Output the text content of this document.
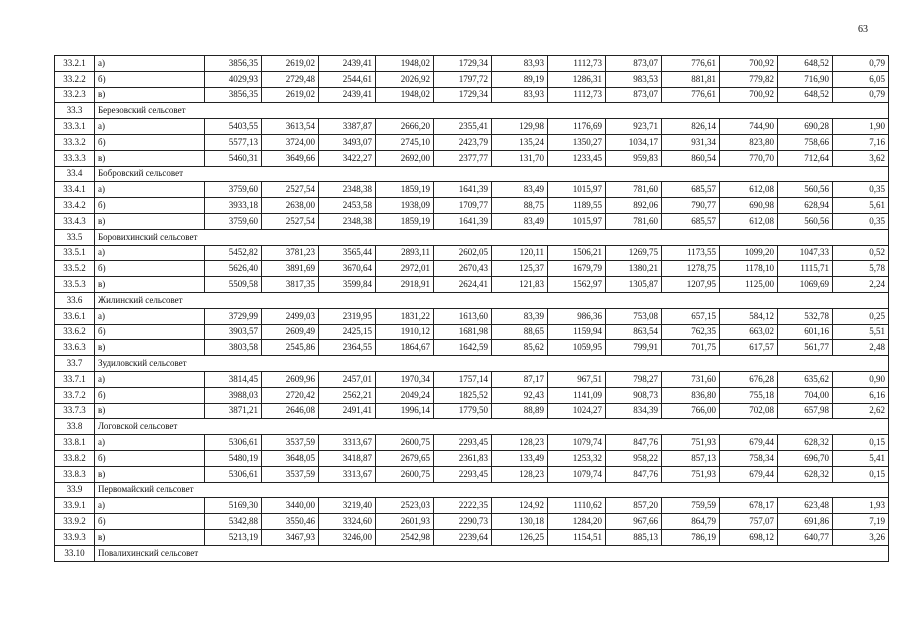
63
33.2.1	а)	3856,35	2619,02	2439,41	1948,02	1729,34	83,93	1112,73	873,07	776,61	700,92	648,52	0,79
33.2.2	б)	4029,93	2729,48	2544,61	2026,92	1797,72	89,19	1286,31	983,53	881,81	779,82	716,90	6,05
33.2.3	в)	3856,35	2619,02	2439,41	1948,02	1729,34	83,93	1112,73	873,07	776,61	700,92	648,52	0,79
33.3	Березовский сельсовет												
33.3.1	а)	5403,55	3613,54	3387,87	2666,20	2355,41	129,98	1176,69	923,71	826,14	744,90	690,28	1,90
33.3.2	б)	5577,13	3724,00	3493,07	2745,10	2423,79	135,24	1350,27	1034,17	931,34	823,80	758,66	7,16
33.3.3	в)	5460,31	3649,66	3422,27	2692,00	2377,77	131,70	1233,45	959,83	860,54	770,70	712,64	3,62
33.4	Бобровский сельсовет												
33.4.1	а)	3759,60	2527,54	2348,38	1859,19	1641,39	83,49	1015,97	781,60	685,57	612,08	560,56	0,35
33.4.2	б)	3933,18	2638,00	2453,58	1938,09	1709,77	88,75	1189,55	892,06	790,77	690,98	628,94	5,61
33.4.3	в)	3759,60	2527,54	2348,38	1859,19	1641,39	83,49	1015,97	781,60	685,57	612,08	560,56	0,35
33.5	Боровихинский сельсовет												
33.5.1	а)	5452,82	3781,23	3565,44	2893,11	2602,05	120,11	1506,21	1269,75	1173,55	1099,20	1047,33	0,52
33.5.2	б)	5626,40	3891,69	3670,64	2972,01	2670,43	125,37	1679,79	1380,21	1278,75	1178,10	1115,71	5,78
33.5.3	в)	5509,58	3817,35	3599,84	2918,91	2624,41	121,83	1562,97	1305,87	1207,95	1125,00	1069,69	2,24
33.6	Жилинский сельсовет												
33.6.1	а)	3729,99	2499,03	2319,95	1831,22	1613,60	83,39	986,36	753,08	657,15	584,12	532,78	0,25
33.6.2	б)	3903,57	2609,49	2425,15	1910,12	1681,98	88,65	1159,94	863,54	762,35	663,02	601,16	5,51
33.6.3	в)	3803,58	2545,86	2364,55	1864,67	1642,59	85,62	1059,95	799,91	701,75	617,57	561,77	2,48
33.7	Зудиловский сельсовет												
33.7.1	а)	3814,45	2609,96	2457,01	1970,34	1757,14	87,17	967,51	798,27	731,60	676,28	635,62	0,90
33.7.2	б)	3988,03	2720,42	2562,21	2049,24	1825,52	92,43	1141,09	908,73	836,80	755,18	704,00	6,16
33.7.3	в)	3871,21	2646,08	2491,41	1996,14	1779,50	88,89	1024,27	834,39	766,00	702,08	657,98	2,62
33.8	Логовской сельсовет												
33.8.1	а)	5306,61	3537,59	3313,67	2600,75	2293,45	128,23	1079,74	847,76	751,93	679,44	628,32	0,15
33.8.2	б)	5480,19	3648,05	3418,87	2679,65	2361,83	133,49	1253,32	958,22	857,13	758,34	696,70	5,41
33.8.3	в)	5306,61	3537,59	3313,67	2600,75	2293,45	128,23	1079,74	847,76	751,93	679,44	628,32	0,15
33.9	Первомайский сельсовет												
33.9.1	а)	5169,30	3440,00	3219,40	2523,03	2222,35	124,92	1110,62	857,20	759,59	678,17	623,48	1,93
33.9.2	б)	5342,88	3550,46	3324,60	2601,93	2290,73	130,18	1284,20	967,66	864,79	757,07	691,86	7,19
33.9.3	в)	5213,19	3467,93	3246,00	2542,98	2239,64	126,25	1154,51	885,13	786,19	698,12	640,77	3,26
33.10	Повалихинский сельсовет												
